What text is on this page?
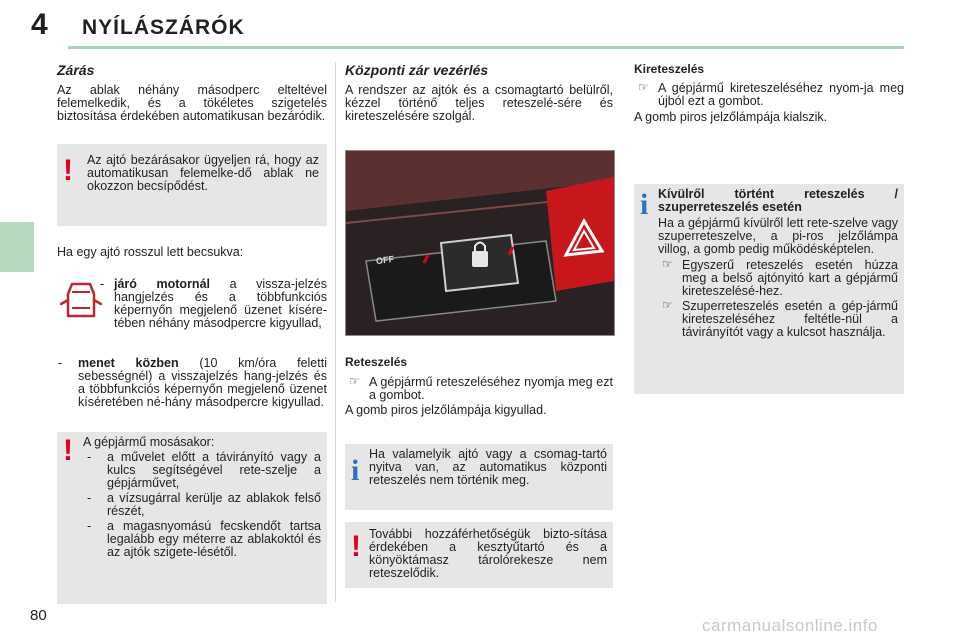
4 NYÍLÁSZÁRÓK
Zárás
Az ablak néhány másodperc elteltével felemelkedik, és a tökéletes szigetelés biztosítása érdekében automatikusan bezáródik.
! Az ajtó bezárásakor ügyeljen rá, hogy az automatikusan felemelke-dő ablak ne okozzon becsípődést.
Ha egy ajtó rosszul lett becsukva:
- járó motornál a vissza-jelzés hangjelzés és a többfunkciós képernyőn megjelenő üzenet kísére-tében néhány másodpercre kigyullad,
- menet közben (10 km/óra feletti sebességnél) a visszajelzés hang-jelzés és a többfunkciós képernyőn megjelenő üzenet kíséretében né-hány másodpercre kigyullad.
! A gépjármű mosásakor:
- a művelet előtt a távirányító vagy a kulcs segítségével rete-szelje a gépjárművet,
- a vízsugárral kerülje az ablakok felső részét,
- a magasnyomású fecskendőt tartsa legalább egy méterre az ablakoktól és az ajtók szigete-lésétől.
Központi zár vezérlés
A rendszer az ajtók és a csomagtartó belülről, kézzel történő teljes reteszelé-sére és kireteszelésére szolgál.
OFF
Reteszelés
☞ A gépjármű reteszeléséhez nyomja meg ezt a gombot.
A gomb piros jelzőlámpája kigyullad.
i Ha valamelyik ajtó vagy a csomag-tartó nyitva van, az automatikus központi reteszelés nem történik meg.
! További hozzáférhetőségük bizto-sítása érdekében a kesztyűtartó és a könyöktámasz tárolórekesze nem reteszelődik.
Kireteszelés
☞ A gépjármű kireteszeléséhez nyom-ja meg újból ezt a gombot.
A gomb piros jelzőlámpája kialszik.
i Kívülről történt reteszelés / szuperreteszelés esetén
Ha a gépjármű kívülről lett rete-szelve vagy szuperreteszelve, a pi-ros jelzőlámpa villog, a gomb pedig működésképtelen.
☞ Egyszerű reteszelés esetén húzza meg a belső ajtónyitó kart a gépjármű kireteszelésé-hez.
☞ Szuperreteszelés esetén a gép-jármű kireteszeléséhez feltétle-nül a távirányítót vagy a kulcsot használja.
80
carmanualsonline.info
